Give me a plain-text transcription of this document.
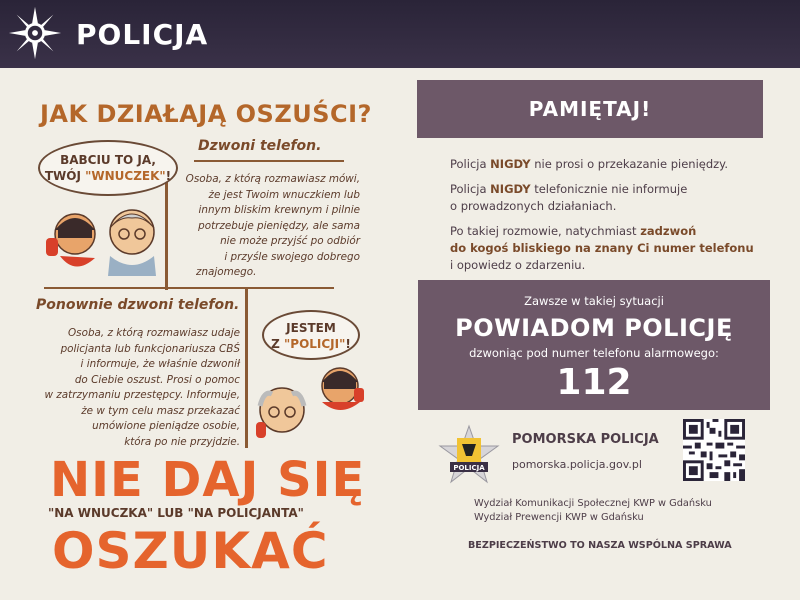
POLICJA
JAK DZIAŁAJĄ OSZUŚCI?
BABCIU TO JA,
TWÓJ "WNUCZEK"!
Dzwoni telefon.
Osoba, z którą rozmawiasz mówi,
że jest Twoim wnuczkiem lub
innym bliskim krewnym i pilnie
potrzebuje pieniędzy, ale sama
nie może przyjść po odbiór
i przyśle swojego dobrego
znajomego.
Ponownie dzwoni telefon.
JESTEM
Z "POLICJI"!
Osoba, z którą rozmawiasz udaje
policjanta lub funkcjonariusza CBŚ
i informuje, że właśnie dzwonił
do Ciebie oszust. Prosi o pomoc
w zatrzymaniu przestępcy. Informuje,
że w tym celu masz przekazać
umówione pieniądze osobie,
która po nie przyjdzie.
NIE DAJ SIĘ
"NA WNUCZKA" LUB "NA POLICJANTA"
OSZUKAĆ
PAMIĘTAJ!
Policja NIGDY nie prosi o przekazanie pieniędzy.
Policja NIGDY telefonicznie nie informuje
o prowadzonych działaniach.
Po takiej rozmowie, natychmiast zadzwoń
do kogoś bliskiego na znany Ci numer telefonu
i opowiedz o zdarzeniu.
Zawsze w takiej sytuacji
POWIADOM POLICJĘ
dzwoniąc pod numer telefonu alarmowego:
112
POLICJA
POMORSKA POLICJA
pomorska.policja.gov.pl
Wydział Komunikacji Społecznej KWP w Gdańsku
Wydział Prewencji KWP w Gdańsku
BEZPIECZEŃSTWO TO NASZA WSPÓLNA SPRAWA
